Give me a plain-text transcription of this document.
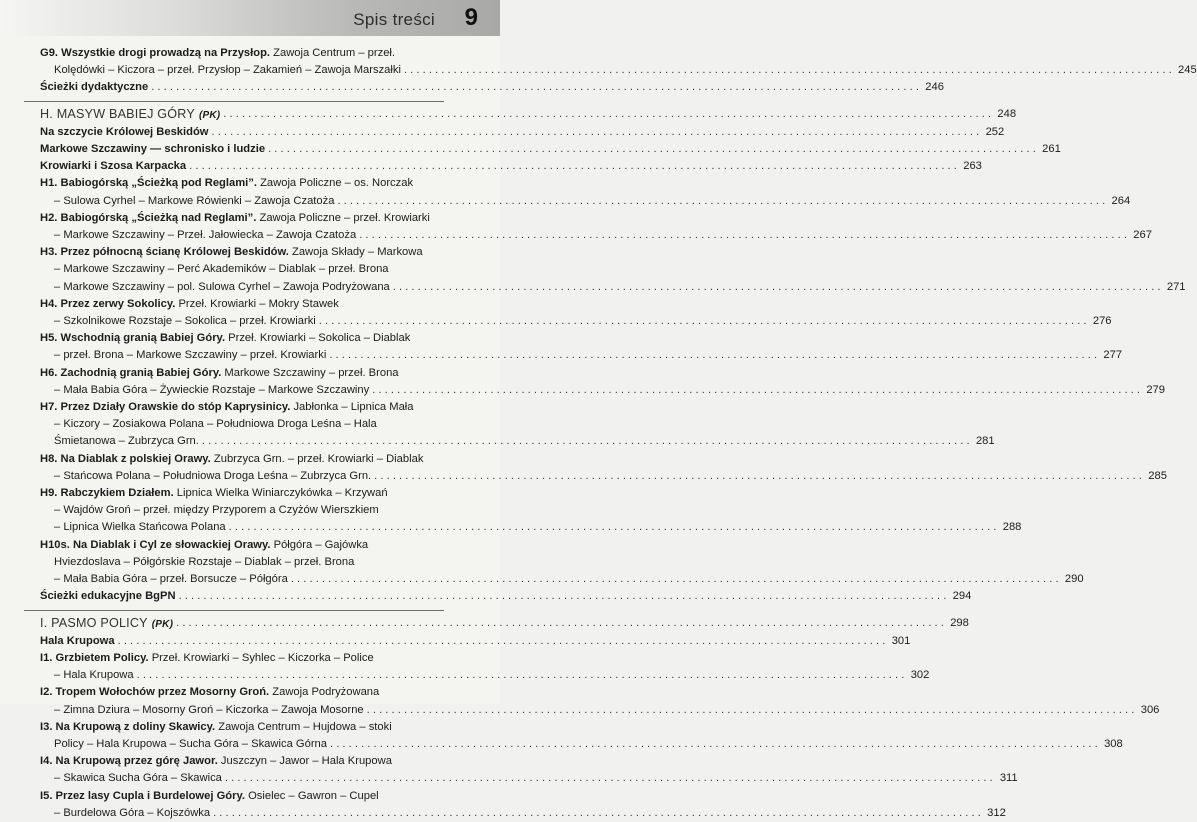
Spis treści 9
G9. Wszystkie drogi prowadzą na Przysłop. Zawoja Centrum – przeł.
Kolędówki – Kiczora – przeł. Przysłop – Zakamień – Zawoja Marszałki . . .	245
Ścieżki dydaktyczne . . .	246
H. MASYW BABIEJ GÓRY (PK) . . .	248
Na szczycie Królowej Beskidów . . .	252
Markowe Szczawiny — schronisko i ludzie . . .	261
Krowiarki i Szosa Karpacka . . .	263
H1. Babiogórską „Ścieżką pod Reglami”. Zawoja Policzne – os. Norczak
– Sulowa Cyrhel – Markowe Rówienki – Zawoja Czatoża . . .	264
H2. Babiogórską „Ścieżką nad Reglami”. Zawoja Policzne – przeł. Krowiarki
– Markowe Szczawiny – Przeł. Jałowiecka – Zawoja Czatoża . . .	267
H3. Przez północną ścianę Królowej Beskidów. Zawoja Składy – Markowa
– Markowe Szczawiny – Perć Akademików – Diablak – przeł. Brona
– Markowe Szczawiny – pol. Sulowa Cyrhel – Zawoja Podryżowana . . .	271
H4. Przez zerwy Sokolicy. Przeł. Krowiarki – Mokry Stawek
– Szkolnikowe Rozstaje – Sokolica – przeł. Krowiarki . . .	276
H5. Wschodnią granią Babiej Góry. Przeł. Krowiarki – Sokolica – Diablak
– przeł. Brona – Markowe Szczawiny – przeł. Krowiarki . . .	277
H6. Zachodnią granią Babiej Góry. Markowe Szczawiny – przeł. Brona
– Mała Babia Góra – Żywieckie Rozstaje – Markowe Szczawiny . . .	279
H7. Przez Działy Orawskie do stóp Kaprysinicy. Jabłonka – Lipnica Mała
– Kiczory – Zosiakowa Polana – Południowa Droga Leśna – Hala
Śmietanowa – Zubrzyca Grn. . . .	281
H8. Na Diablak z polskiej Orawy. Zubrzyca Grn. – przeł. Krowiarki – Diablak
– Stańcowa Polana – Południowa Droga Leśna – Zubrzyca Grn. . . .	285
H9. Rabczykiem Działem. Lipnica Wielka Winiarczykówka – Krzywań
– Wajdów Groń – przeł. między Przyporem a Czyżów Wierszkiem
– Lipnica Wielka Stańcowa Polana . . .	288
H10s. Na Diablak i Cyl ze słowackiej Orawy. Półgóra – Gajówka
Hviezdoslava – Półgórskie Rozstaje – Diablak – przeł. Brona
– Mała Babia Góra – przeł. Borsucze – Półgóra . . .	290
Ścieżki edukacyjne BgPN . . .	294
I. PASMO POLICY (PK) . . .	298
Hala Krupowa . . .	301
I1. Grzbietem Policy. Przeł. Krowiarki – Syhlec – Kiczorka – Police
– Hala Krupowa . . .	302
I2. Tropem Wołochów przez Mosorny Groń. Zawoja Podryżowana
– Zimna Dziura – Mosorny Groń – Kiczorka – Zawoja Mosorne . . .	306
I3. Na Krupową z doliny Skawicy. Zawoja Centrum – Hujdowa – stoki
Policy – Hala Krupowa – Sucha Góra – Skawica Górna . . .	308
I4. Na Krupową przez górę Jawor. Juszczyn – Jawor – Hala Krupowa
– Skawica Sucha Góra – Skawica . . .	311
I5. Przez lasy Cupla i Burdelowej Góry. Osielec – Gawron – Cupel
– Burdelowa Góra – Kojszówka . . .	312
